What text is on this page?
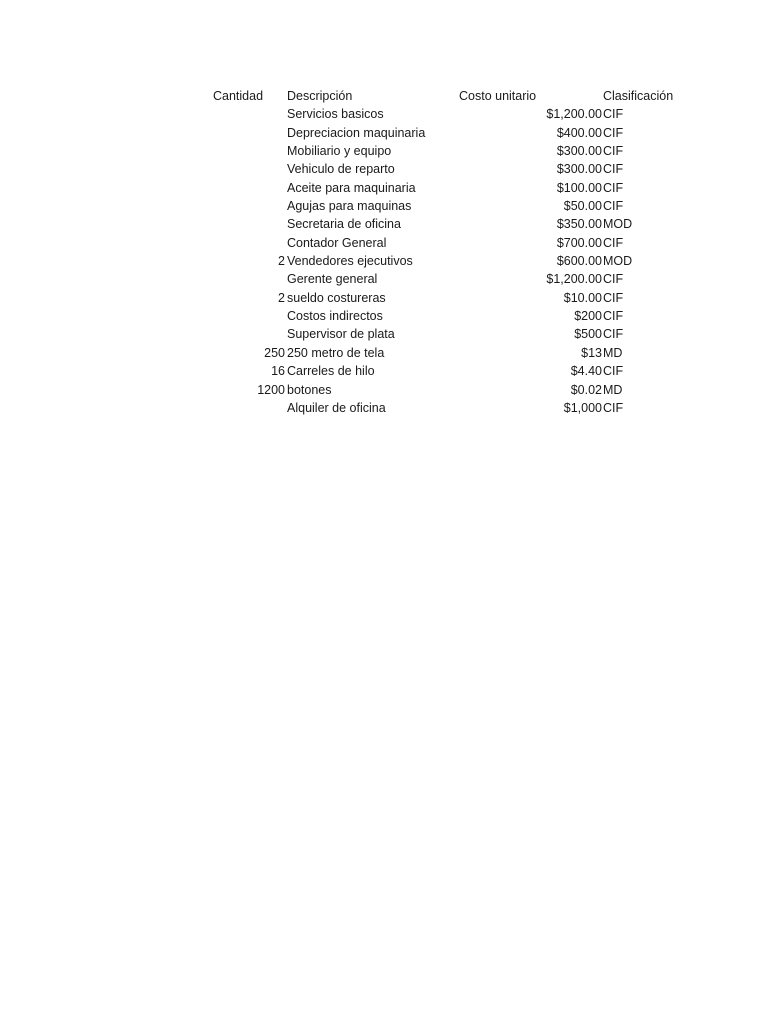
Cantidad Descripción	Costo unitario	Clasificación
Servicios basicos	$1,200.00 CIF
Depreciacion maquinaria	$400.00 CIF
Mobiliario y equipo	$300.00 CIF
Vehiculo de reparto	$300.00 CIF
Aceite para maquinaria	$100.00 CIF
Agujas para maquinas	$50.00 CIF
Secretaria de oficina	$350.00 MOD
Contador General	$700.00 CIF
2 Vendedores ejecutivos	$600.00 MOD
Gerente general	$1,200.00 CIF
2 sueldo costureras	$10.00 CIF
Costos indirectos	$200 CIF
Supervisor de plata	$500 CIF
250 250 metro de tela	$13 MD
16 Carreles de hilo	$4.40 CIF
1200 botones	$0.02 MD
Alquiler de oficina	$1,000 CIF
